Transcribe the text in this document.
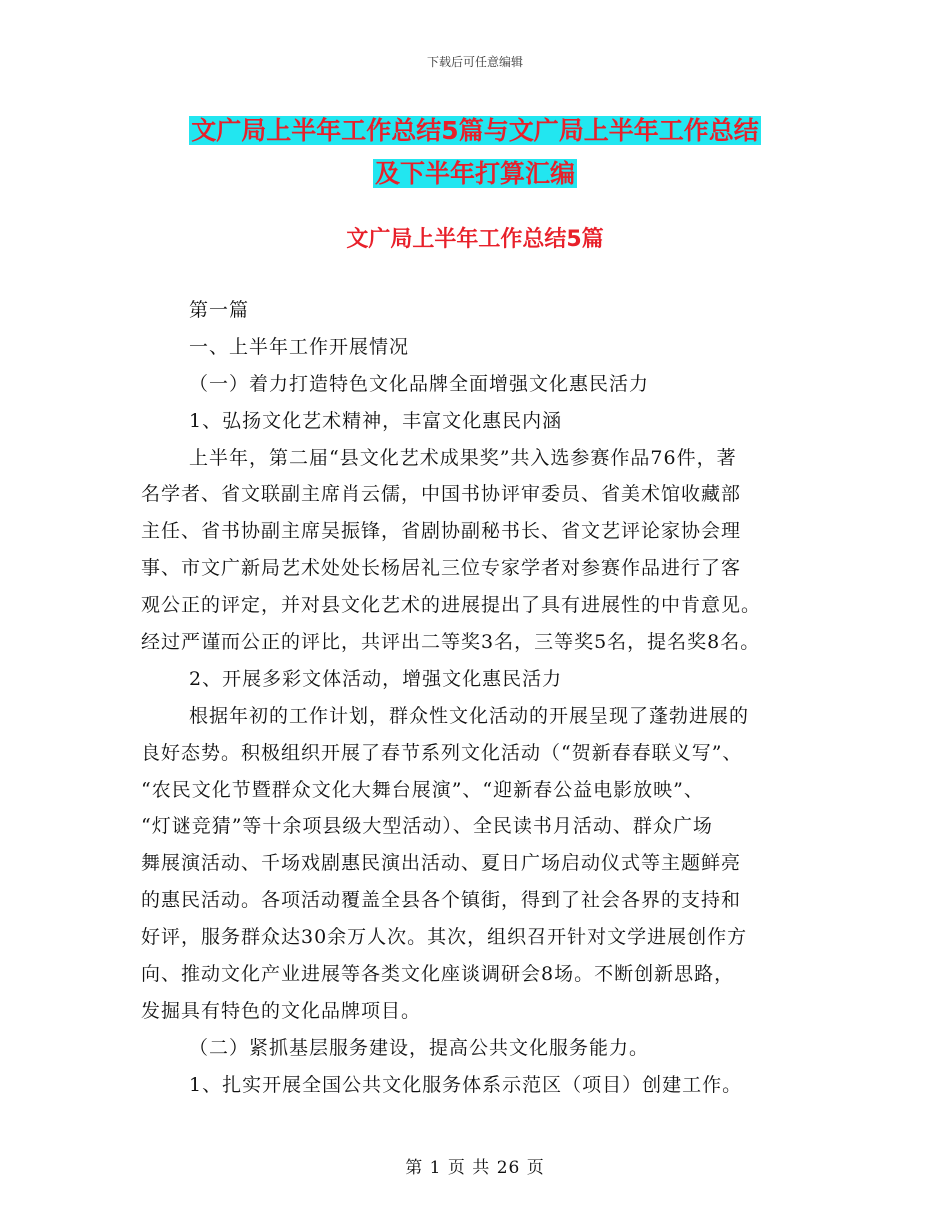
下载后可任意编辑
文广局上半年工作总结5篇与文广局上半年工作总结
及下半年打算汇编
文广局上半年工作总结5篇
第一篇
一、上半年工作开展情况
（一）着力打造特色文化品牌全面增强文化惠民活力
1、弘扬文化艺术精神，丰富文化惠民内涵
上半年，第二届“县文化艺术成果奖”共入选参赛作品76件，著
名学者、省文联副主席肖云儒，中国书协评审委员、省美术馆收藏部
主任、省书协副主席吴振锋，省剧协副秘书长、省文艺评论家协会理
事、市文广新局艺术处处长杨居礼三位专家学者对参赛作品进行了客
观公正的评定，并对县文化艺术的进展提出了具有进展性的中肯意见。
经过严谨而公正的评比，共评出二等奖3名，三等奖5名，提名奖8名。
2、开展多彩文体活动，增强文化惠民活力
根据年初的工作计划，群众性文化活动的开展呈现了蓬勃进展的
良好态势。积极组织开展了春节系列文化活动（“贺新春春联义写”、
“农民文化节暨群众文化大舞台展演”、“迎新春公益电影放映”、
“灯谜竞猜”等十余项县级大型活动）、全民读书月活动、群众广场
舞展演活动、千场戏剧惠民演出活动、夏日广场启动仪式等主题鲜亮
的惠民活动。各项活动覆盖全县各个镇街，得到了社会各界的支持和
好评，服务群众达30余万人次。其次，组织召开针对文学进展创作方
向、推动文化产业进展等各类文化座谈调研会8场。不断创新思路，
发掘具有特色的文化品牌项目。
（二）紧抓基层服务建设，提高公共文化服务能力。
1、扎实开展全国公共文化服务体系示范区（项目）创建工作。
第 1 页 共 26 页
